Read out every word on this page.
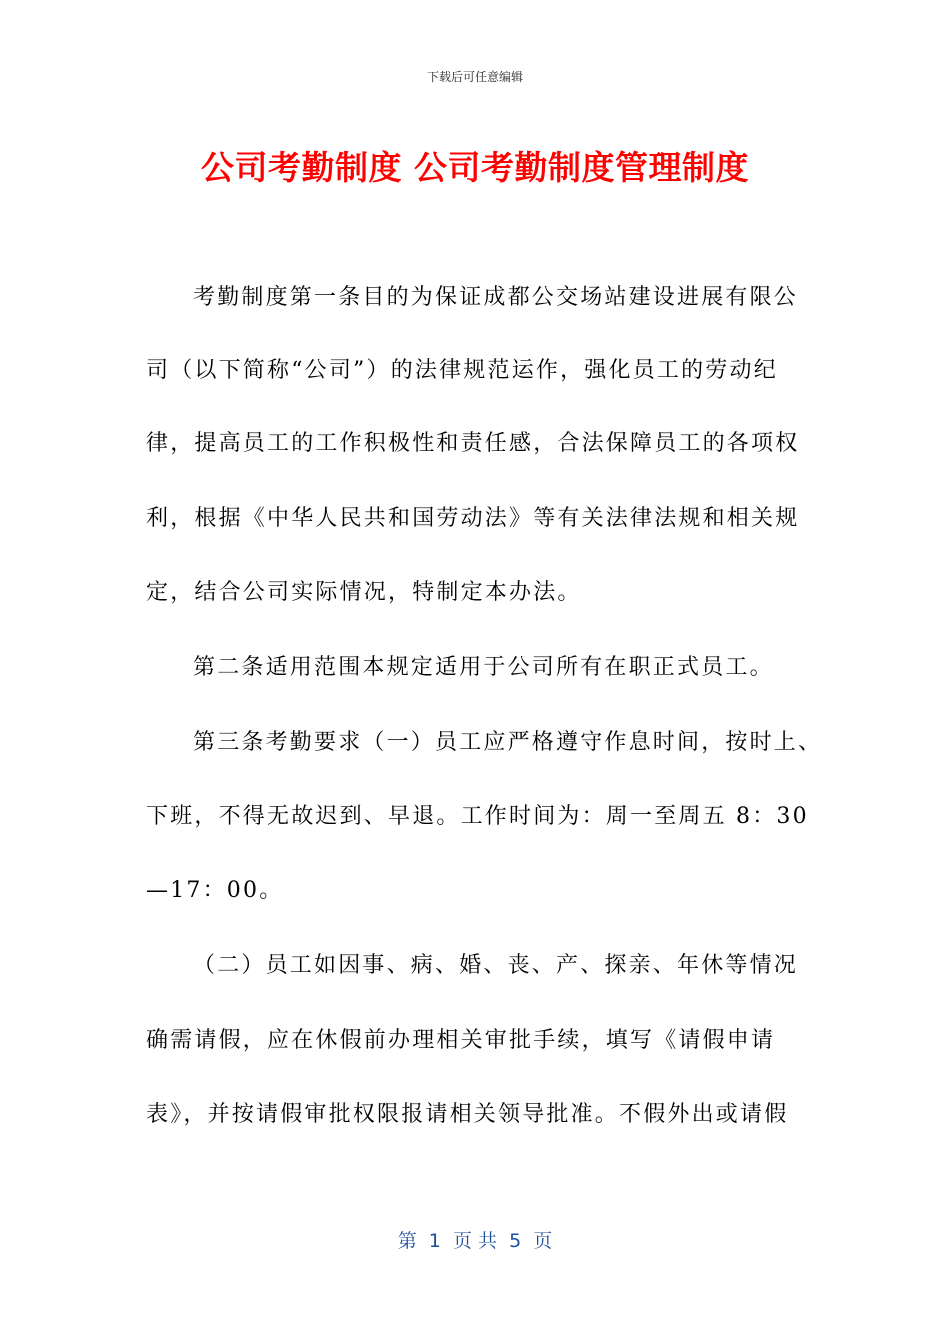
下载后可任意编辑
公司考勤制度 公司考勤制度管理制度
考勤制度第一条目的为保证成都公交场站建设进展有限公
司（以下简称“公司”）的法律规范运作，强化员工的劳动纪
律，提高员工的工作积极性和责任感，合法保障员工的各项权
利，根据《中华人民共和国劳动法》等有关法律法规和相关规
定，结合公司实际情况，特制定本办法。
第二条适用范围本规定适用于公司所有在职正式员工。
第三条考勤要求（一）员工应严格遵守作息时间，按时上、
下班，不得无故迟到、早退。工作时间为：周一至周五 8：30
—17：00。
（二）员工如因事、病、婚、丧、产、探亲、年休等情况
确需请假，应在休假前办理相关审批手续，填写《请假申请
表》，并按请假审批权限报请相关领导批准。不假外出或请假
第  1  页 共  5  页
